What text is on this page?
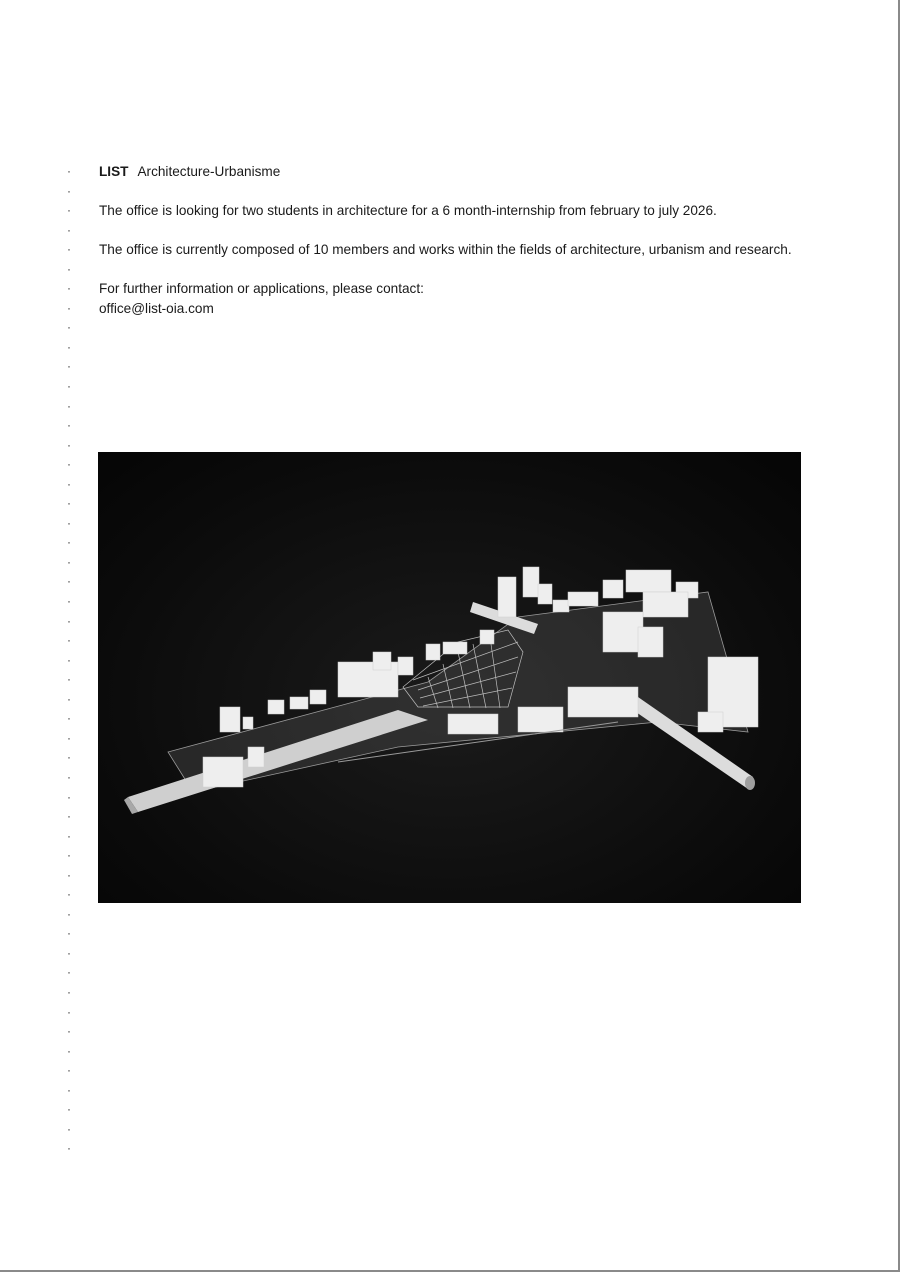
·
·
·
·
·
·
·
·
·
·
·
·
·
·
·
·
·
·
·
·
·
·
·
·
·
·
·
·
·
·
·
·
·
·
·
·
·
·
·
·
·
·
·
·
·
·
·
·
·
·
·

LIST Architecture-Urbanisme

The office is looking for two students in architecture for a 6 month-internship from february to july 2026.

The office is currently composed of 10 members and works within the fields of architecture, urbanism and research.

For further information or applications, please contact:

office@list-oia.com
